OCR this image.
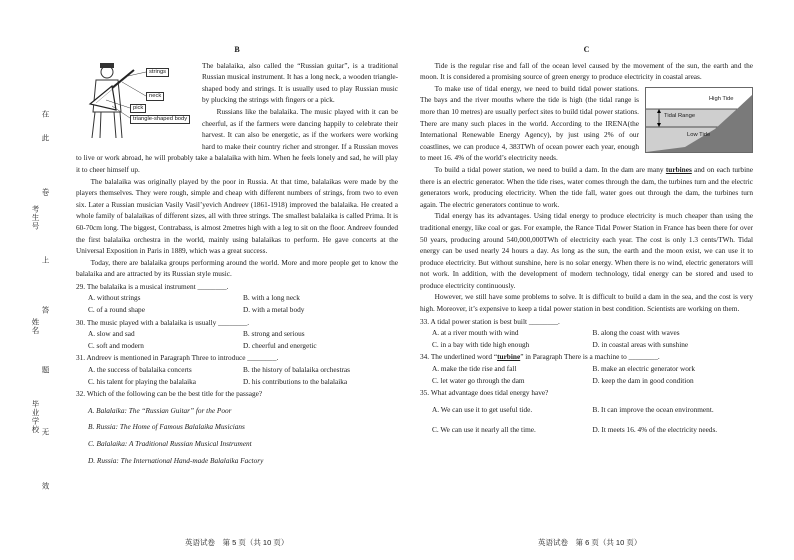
考生号
姓名
毕业学校
在
此
卷
上
答
题
无
效
B
strings
neck
pick
triangle-shaped body

The balalaika, also called the “Russian guitar”, is a traditional Russian musical instrument. It has a long neck, a wooden triangle-shaped body and strings. It is usually used to play Russian music by plucking the strings with fingers or a pick.

Russians like the balalaika. The music played with it can be cheerful, as if the farmers were dancing happily to celebrate their harvest. It can also be energetic, as if the workers were working hard to make their country richer and stronger. If a Russian moves to live or work abroad, he will probably take a balalaika with him. When he feels lonely and sad, he will play it to cheer himself up.

The balalaika was originally played by the poor in Russia. At that time, balalaikas were made by the players themselves. They were rough, simple and cheap with different numbers of strings, from two to even six. Later a Russian musician Vasily Vasil’yevich Andreev (1861-1918) improved the balalaika. He created a whole family of balalaikas of different sizes, all with three strings. The smallest balalaika is called Prima. It is 60-70cm long. The biggest, Contrabass, is almost 2metres high with a leg to sit on the floor. Andreev founded the first balalaika orchestra in the world, mainly using balalaikas to perform. He gave concerts at the Universal Exposition in Paris in 1889, which was a great success.

Today, there are balalaika groups performing around the world. More and more people get to know the balalaika and are attracted by its Russian style music.

29. The balalaika is a musical instrument ________.
A. without strings	B. with a long neck
C. of a round shape	D. with a metal body
30. The music played with a balalaika is usually ________.
A. slow and sad	B. strong and serious
C. soft and modern	D. cheerful and energetic
31. Andreev is mentioned in Paragraph Three to introduce ________.
A. the success of balalaika concerts	B. the history of balalaika orchestras
C. his talent for playing the balalaika	D. his contributions to the balalaika
32. Which of the following can be the best title for the passage?
A. Balalaika: The “Russian Guitar” for the Poor
B. Russia: The Home of Famous Balalaika Musicians
C. Balalaika: A Traditional Russian Musical Instrument
D. Russia: The International Hand-made Balalaika Factory
英语试卷　第 5 页（共 10 页）
C

Tide is the regular rise and fall of the ocean level caused by the movement of the sun, the earth and the moon. It is considered a promising source of green energy to produce electricity in coastal areas.

High Tide
Tidal Range
Low Tide

To make use of tidal energy, we need to build tidal power stations. The bays and the river mouths where the tide is high (the tidal range is more than 10 metres) are usually perfect sites to build tidal power stations. There are many such places in the world. According to the IRENA(the International Renewable Energy Agency), by just using 2% of our coastlines, we can produce 4, 383TWh of ocean power each year, enough to meet 16. 4% of the world’s electricity needs.

To build a tidal power station, we need to build a dam. In the dam are many turbines and on each turbine there is an electric generator. When the tide rises, water comes through the dam, the turbines turn and the electric generators work, producing electricity. When the tide fall, water goes out through the dam, the turbines turn again. The electric generators continue to work.

Tidal energy has its advantages. Using tidal energy to produce electricity is much cheaper than using the traditional energy, like coal or gas. For example, the Rance Tidal Power Station in France has been there for over 50 years, producing around 540,000,000TWh of electricity each year. The cost is only 1.3 cents/TWh. Tidal energy can be used nearly 24 hours a day. As long as the sun, the earth and the moon exist, we can use it to produce electricity. But without sunshine, here is no solar energy. When there is no wind, electric generators will not work. In addition, with the development of modern technology, tidal energy can be stored and used to produce electricity continuously.

However, we still have some problems to solve. It is difficult to build a dam in the sea, and the cost is very high. Moreover, it’s expensive to keep a tidal power station in best condition. Scientists are working on them.

33. A tidal power station is best built ________.
A. at a river mouth with wind	B. along the coast with waves
C. in a bay with tide high enough	D. in coastal areas with sunshine
34. The underlined word “turbine” in Paragraph There is a machine to ________.
A. make the tide rise and fall	B. make an electric generator work
C. let water go through the dam	D. keep the dam in good condition
35. What advantage does tidal energy have?
A. We can use it to get useful tide.	B. It can improve the ocean environment.
C. We can use it nearly all the time.	D. It meets 16. 4% of the electricity needs.
英语试卷　第 6 页（共 10 页）
